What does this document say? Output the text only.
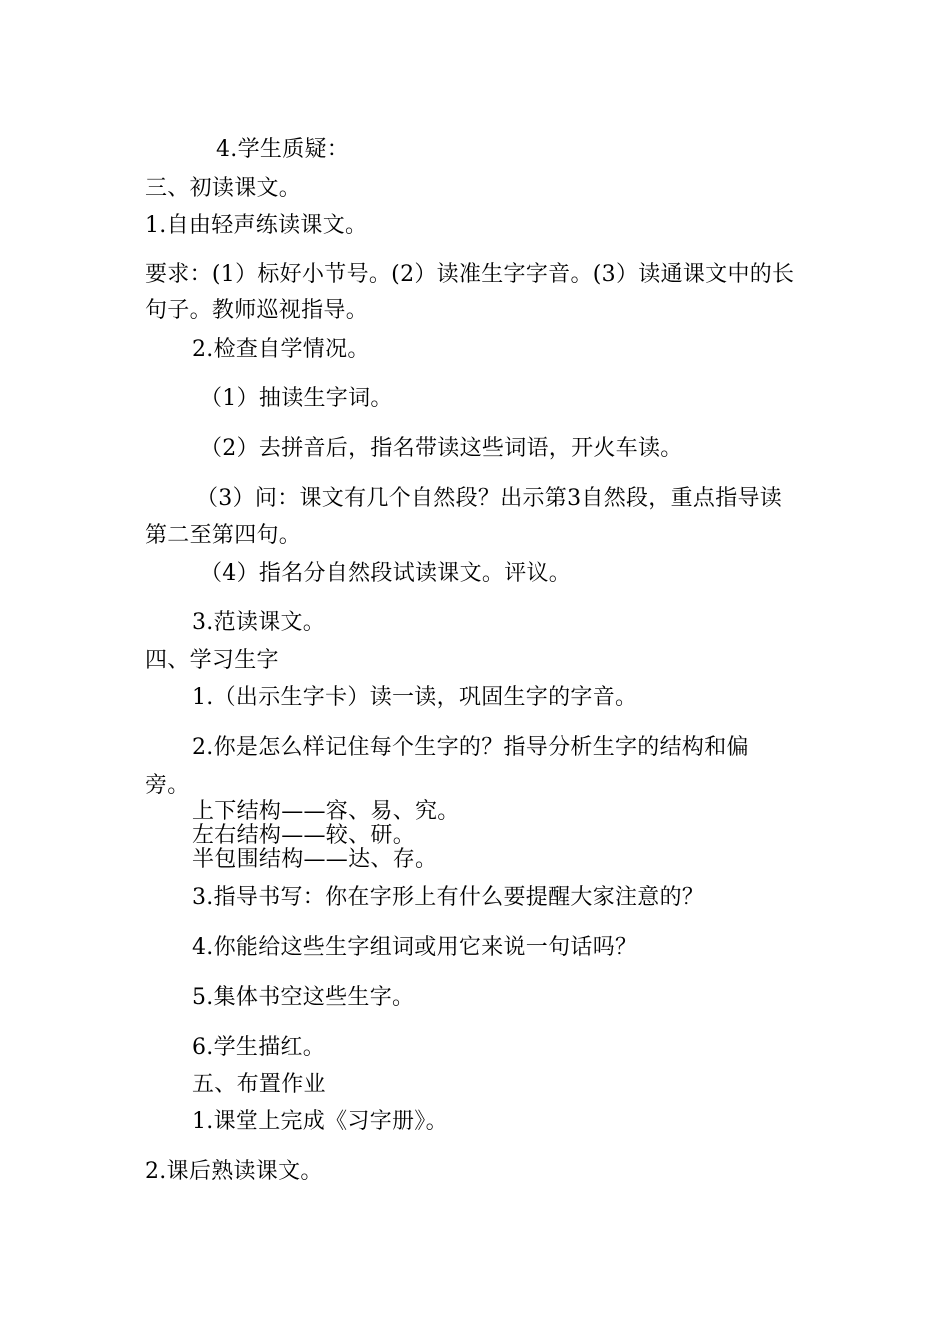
4.学生质疑：

三、初读课文。

1.自由轻声练读课文。

要求：(1）标好小节号。(2）读准生字字音。(3）读通课文中的长

句子。教师巡视指导。

2.检查自学情况。

（1）抽读生字词。

（2）去拼音后，指名带读这些词语，开火车读。

（3）问：课文有几个自然段？出示第3自然段，重点指导读

第二至第四句。

（4）指名分自然段试读课文。评议。

3.范读课文。

四、学习生字

1.（出示生字卡）读一读，巩固生字的字音。

2.你是怎么样记住每个生字的？指导分析生字的结构和偏

旁。

上下结构——容、易、究。

左右结构——较、研。

半包围结构——达、存。

3.指导书写：你在字形上有什么要提醒大家注意的？

4.你能给这些生字组词或用它来说一句话吗？

5.集体书空这些生字。

6.学生描红。

五、布置作业

1.课堂上完成《习字册》。

2.课后熟读课文。
